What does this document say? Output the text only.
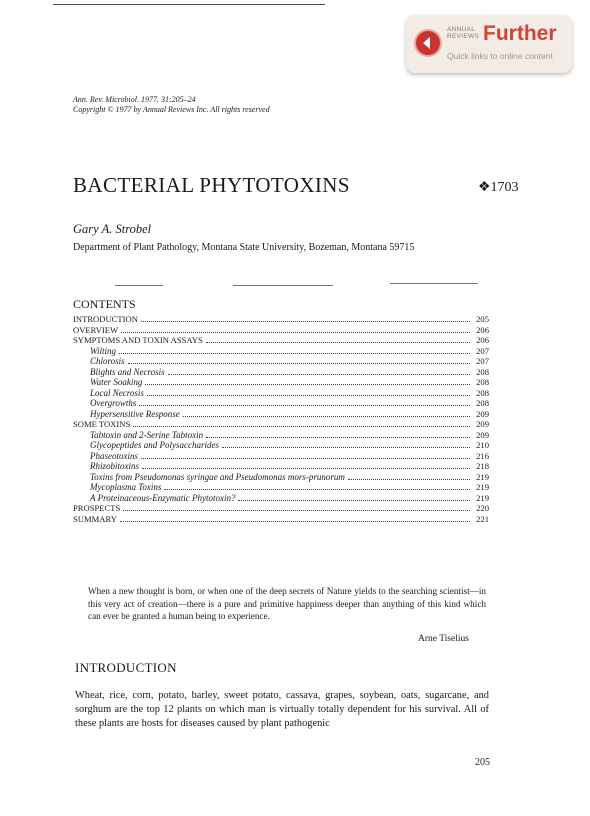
ANNUAL
REVIEWS Further
Quick links to online content
Ann. Rev. Microbiol. 1977. 31:205–24
Copyright © 1977 by Annual Reviews Inc. All rights reserved
BACTERIAL PHYTOTOXINS	❖1703
Gary A. Strobel
Department of Plant Pathology, Montana State University, Bozeman, Montana 59715
CONTENTS
INTRODUCTION	205
OVERVIEW	206
SYMPTOMS AND TOXIN ASSAYS	206
Wilting	207
Chlorosis	207
Blights and Necrosis	208
Water Soaking	208
Local Necrosis	208
Overgrowths	208
Hypersensitive Response	209
SOME TOXINS	209
Tabtoxin and 2-Serine Tabtoxin	209
Glycopeptides and Polysaccharides	210
Phaseotoxins	216
Rhizobitoxins	218
Toxins from Pseudomonas syringae and Pseudomonas mors-prunorum	219
Mycoplasma Toxins	219
A Proteinaceous-Enzymatic Phytotoxin?	219
PROSPECTS	220
SUMMARY	221
When a new thought is born, or when one of the deep secrets of Nature yields to the searching scientist—in this very act of creation—there is a pure and primitive happiness deeper than anything of this kind which can ever be granted a human being to experience.
Arne Tiselius
INTRODUCTION
Wheat, rice, corn, potato, barley, sweet potato, cassava, grapes, soybean, oats, sugarcane, and sorghum are the top 12 plants on which man is virtually totally dependent for his survival. All of these plants are hosts for diseases caused by plant pathogenic
205
